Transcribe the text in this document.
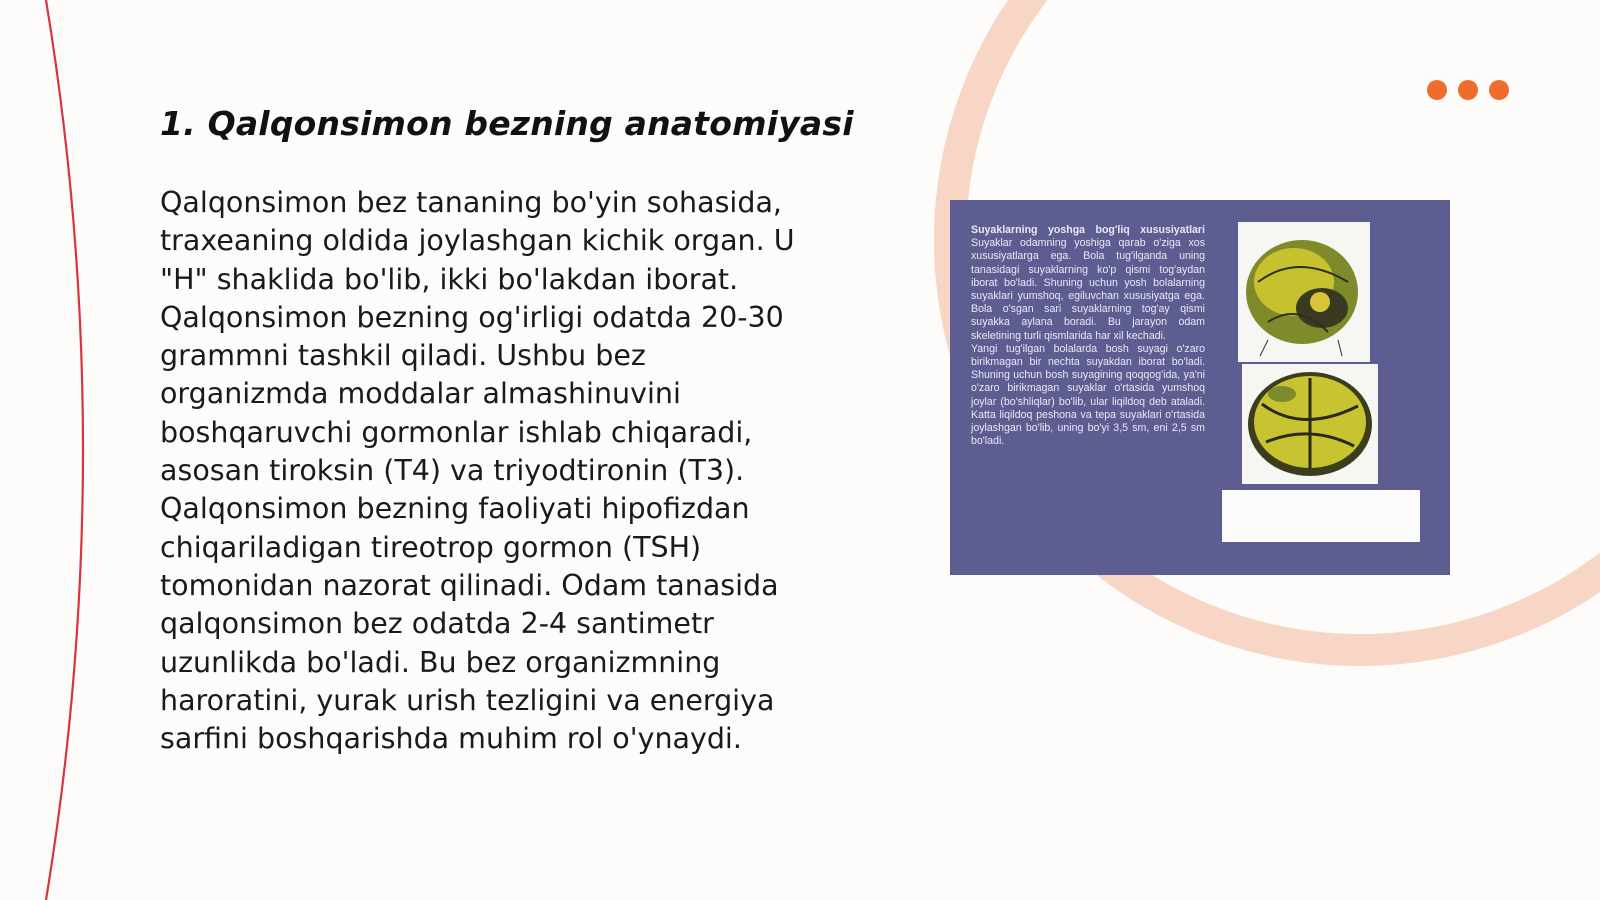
1. Qalqonsimon bezning anatomiyasi

Qalqonsimon bez tananing bo'yin sohasida,
traxeaning oldida joylashgan kichik organ. U
"H" shaklida bo'lib, ikki bo'lakdan iborat.
Qalqonsimon bezning og'irligi odatda 20-30
grammni tashkil qiladi. Ushbu bez
organizmda moddalar almashinuvini
boshqaruvchi gormonlar ishlab chiqaradi,
asosan tiroksin (T4) va triyodtironin (T3).
Qalqonsimon bezning faoliyati hipofizdan
chiqariladigan tireotrop gormon (TSH)
tomonidan nazorat qilinadi. Odam tanasida
qalqonsimon bez odatda 2-4 santimetr
uzunlikda bo'ladi. Bu bez organizmning
haroratini, yurak urish tezligini va energiya
sarfini boshqarishda muhim rol o'ynaydi.

Suyaklarning yoshga bog'liq xususiyatlari Suyaklar odamning yoshiga qarab o'ziga xos xususiyatlarga ega. Bola tug'ilganda uning tanasidagi suyaklarning ko'p qismi tog'aydan iborat bo'ladi. Shuning uchun yosh bolalarning suyaklari yumshoq, egiluvchan xususiyatga ega. Bola o'sgan sari suyaklarning tog'ay qismi suyakka aylana boradi. Bu jarayon odam skeletining turli qismlarida har xil kechadi.

Yangi tug'ilgan bolalarda bosh suyagi o'zaro birikmagan bir nechta suyakdan iborat bo'ladi. Shuning uchun bosh suyagining qoqqog'ida, ya'ni o'zaro birikmagan suyaklar o'rtasida yumshoq joylar (bo'shliqlar) bo'lib, ular liqildoq deb ataladi. Katta liqildoq peshona va tepa suyaklari o'rtasida joylashgan bo'lib, uning bo'yi 3,5 sm, eni 2,5 sm bo'ladi.
